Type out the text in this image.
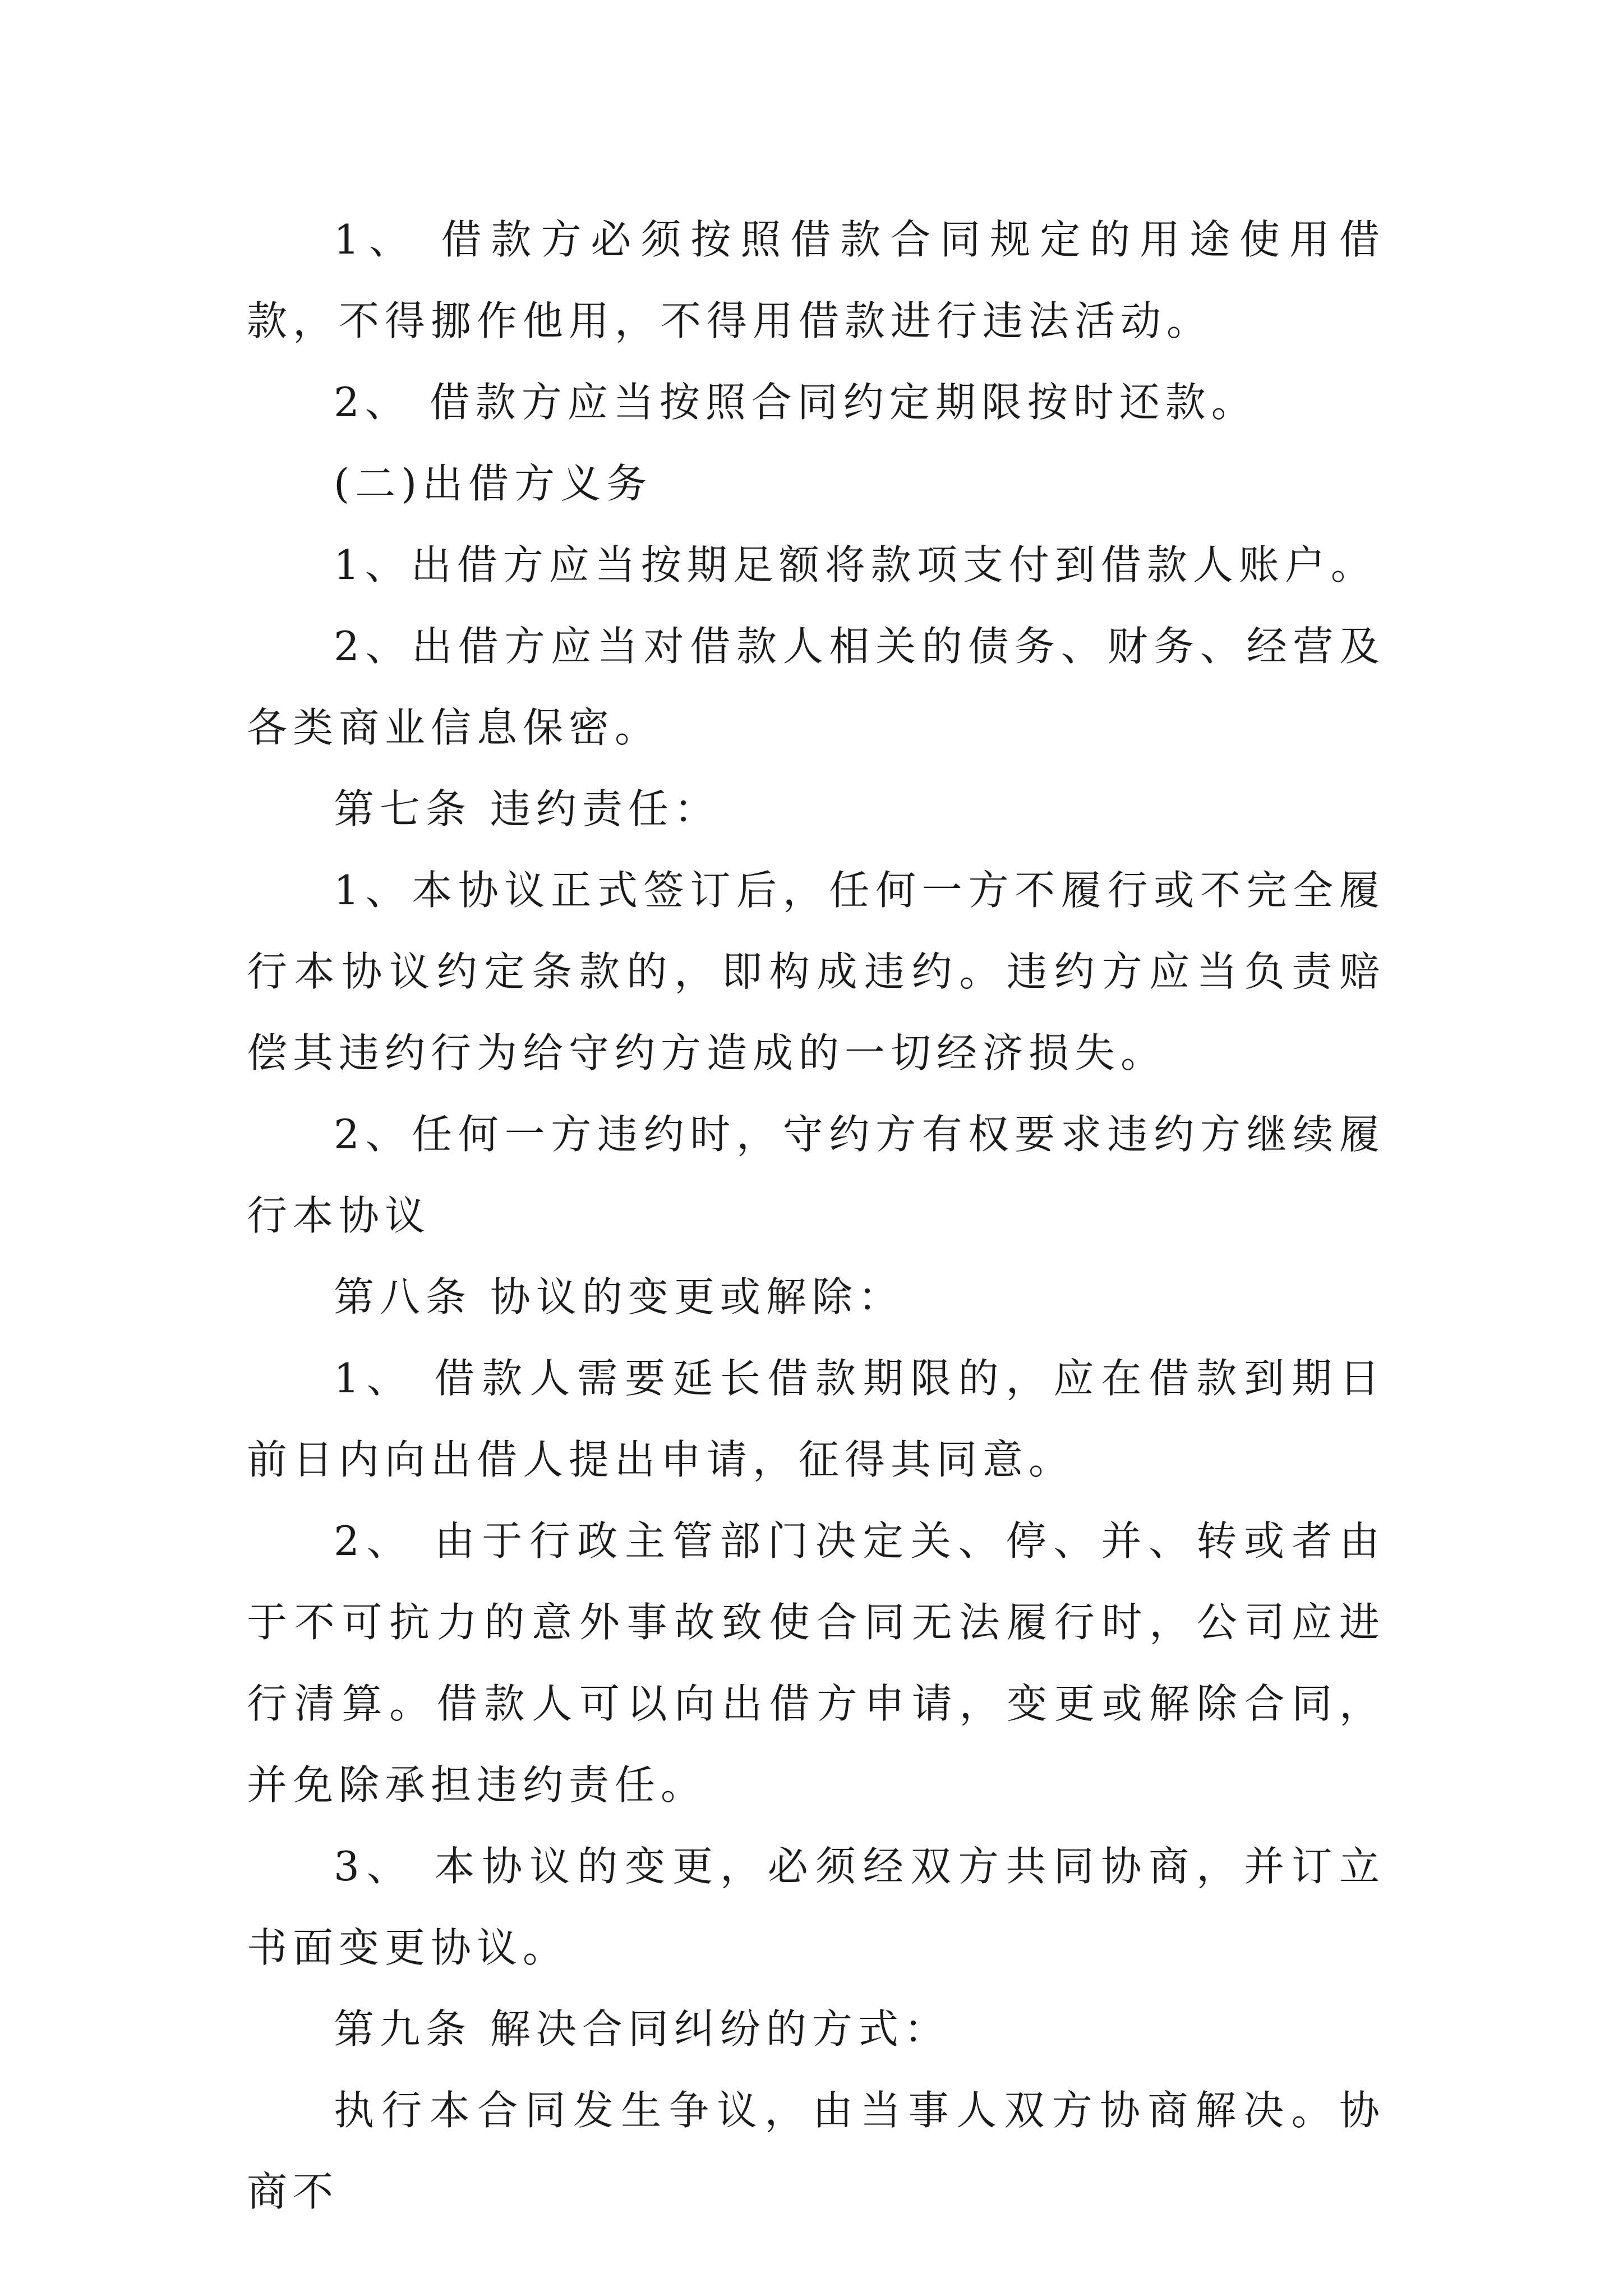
1、 借款方必须按照借款合同规定的用途使用借款，不得挪作他用，不得用借款进行违法活动。

2、 借款方应当按照合同约定期限按时还款。

(二)出借方义务

1、出借方应当按期足额将款项支付到借款人账户。

2、出借方应当对借款人相关的债务、财务、经营及各类商业信息保密。

第七条 违约责任：

1、本协议正式签订后，任何一方不履行或不完全履行本协议约定条款的，即构成违约。违约方应当负责赔偿其违约行为给守约方造成的一切经济损失。

2、任何一方违约时，守约方有权要求违约方继续履行本协议

第八条 协议的变更或解除：

1、 借款人需要延长借款期限的，应在借款到期日前日内向出借人提出申请，征得其同意。

2、 由于行政主管部门决定关、停、并、转或者由于不可抗力的意外事故致使合同无法履行时，公司应进行清算。借款人可以向出借方申请，变更或解除合同，并免除承担违约责任。

3、 本协议的变更，必须经双方共同协商，并订立书面变更协议。

第九条 解决合同纠纷的方式：

执行本合同发生争议，由当事人双方协商解决。协商不
